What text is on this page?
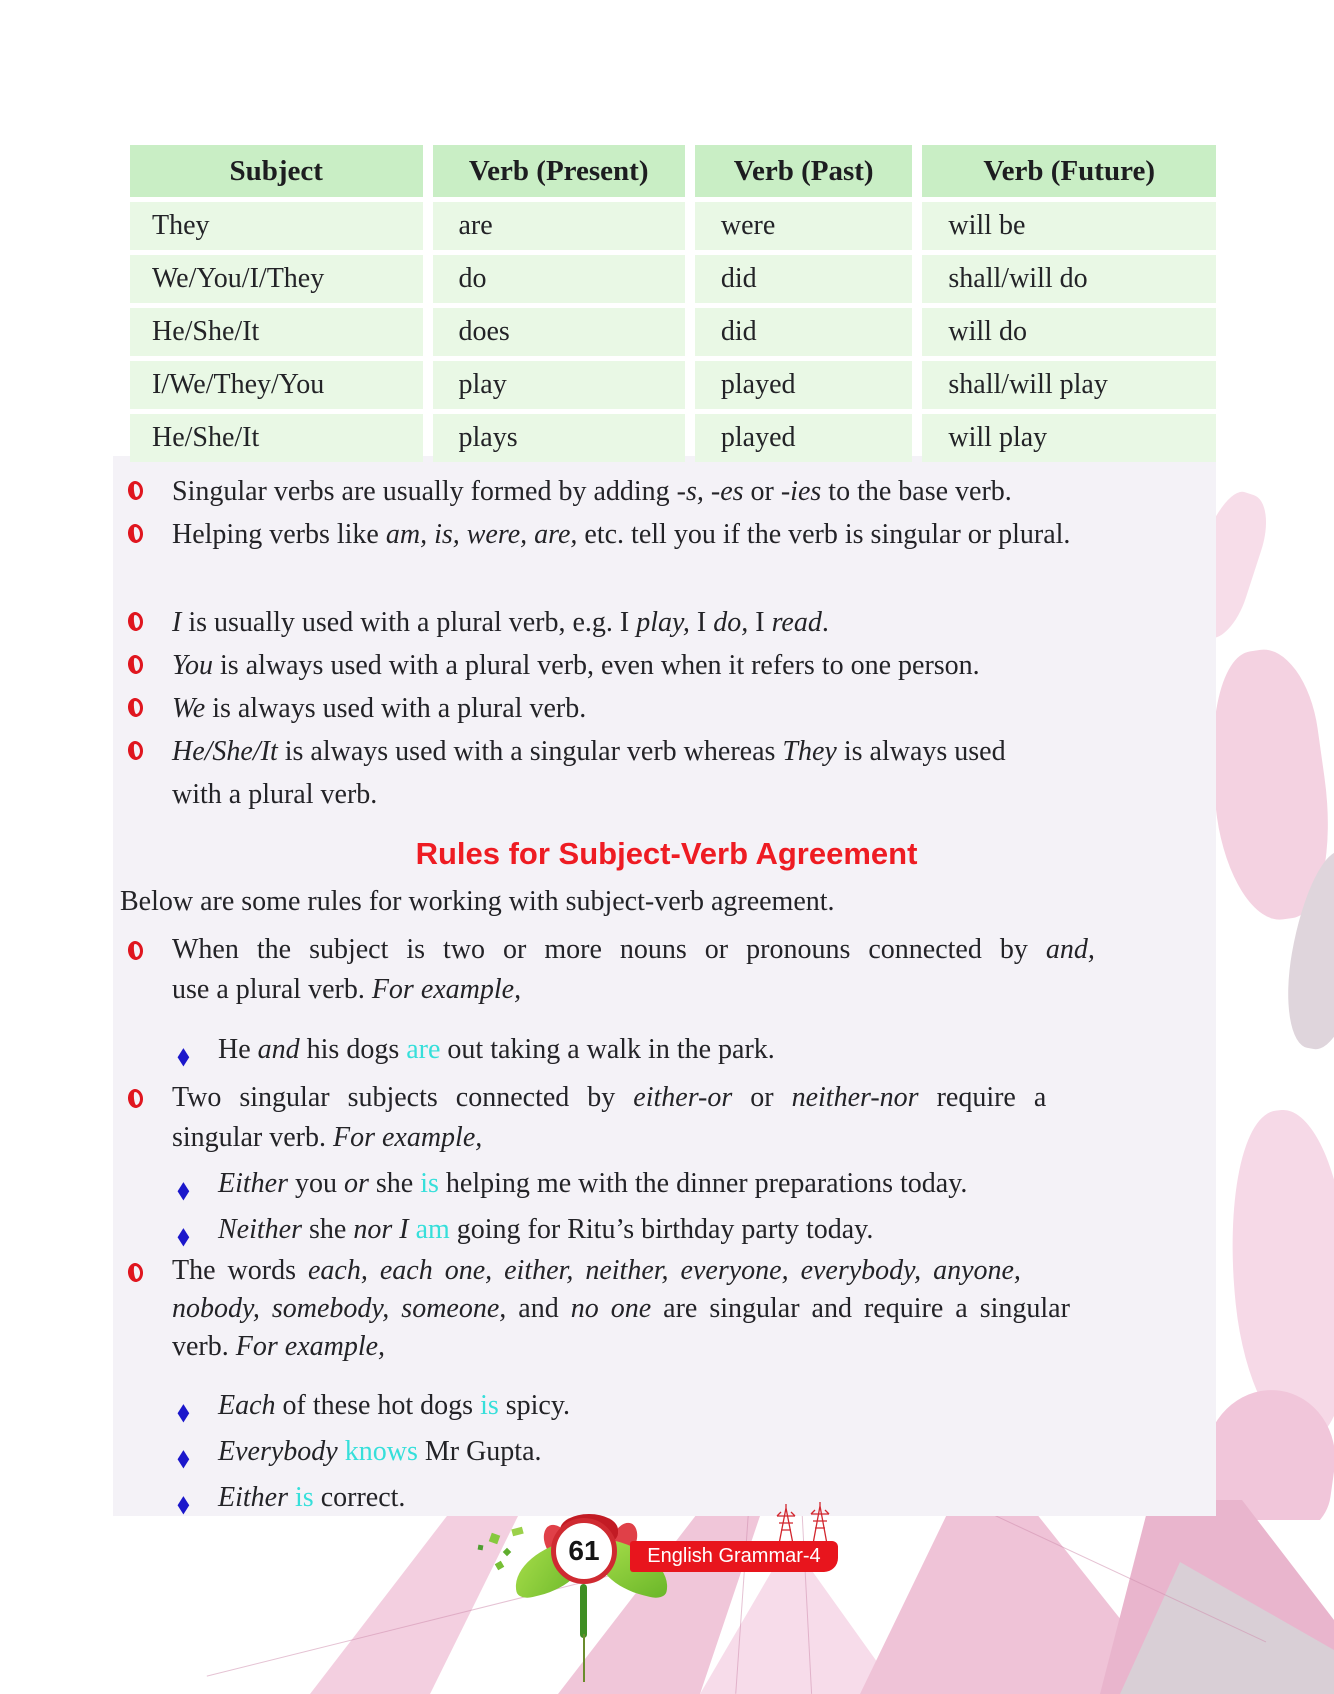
Subject	Verb (Present)	Verb (Past)	Verb (Future)
They	are	were	will be
We/You/I/They	do	did	shall/will do
He/She/It	does	did	will do
I/We/They/You	play	played	shall/will play
He/She/It	plays	played	will play
Singular verbs are usually formed by adding -s, -es or -ies to the base verb.
Helping verbs like am, is, were, are, etc. tell you if the verb is singular or plural.
I is usually used with a plural verb, e.g. I play, I do, I read.
You is always used with a plural verb, even when it refers to one person.
We is always used with a plural verb.
He/She/It is always used with a singular verb whereas They is always used
with a plural verb.
Rules for Subject-Verb Agreement
Below are some rules for working with subject-verb agreement.
When the subject is two or more nouns or pronouns connected by and,
use a plural verb. For example,
◆ He and his dogs are out taking a walk in the park.
Two singular subjects connected by either-or or neither-nor require a
singular verb. For example,
◆ Either you or she is helping me with the dinner preparations today.
◆ Neither she nor I am going for Ritu’s birthday party today.
The words each, each one, either, neither, everyone, everybody, anyone,
nobody, somebody, someone, and no one are singular and require a singular
verb. For example,
◆ Each of these hot dogs is spicy.
◆ Everybody knows Mr Gupta.
◆ Either is correct.
61 English Grammar-4
